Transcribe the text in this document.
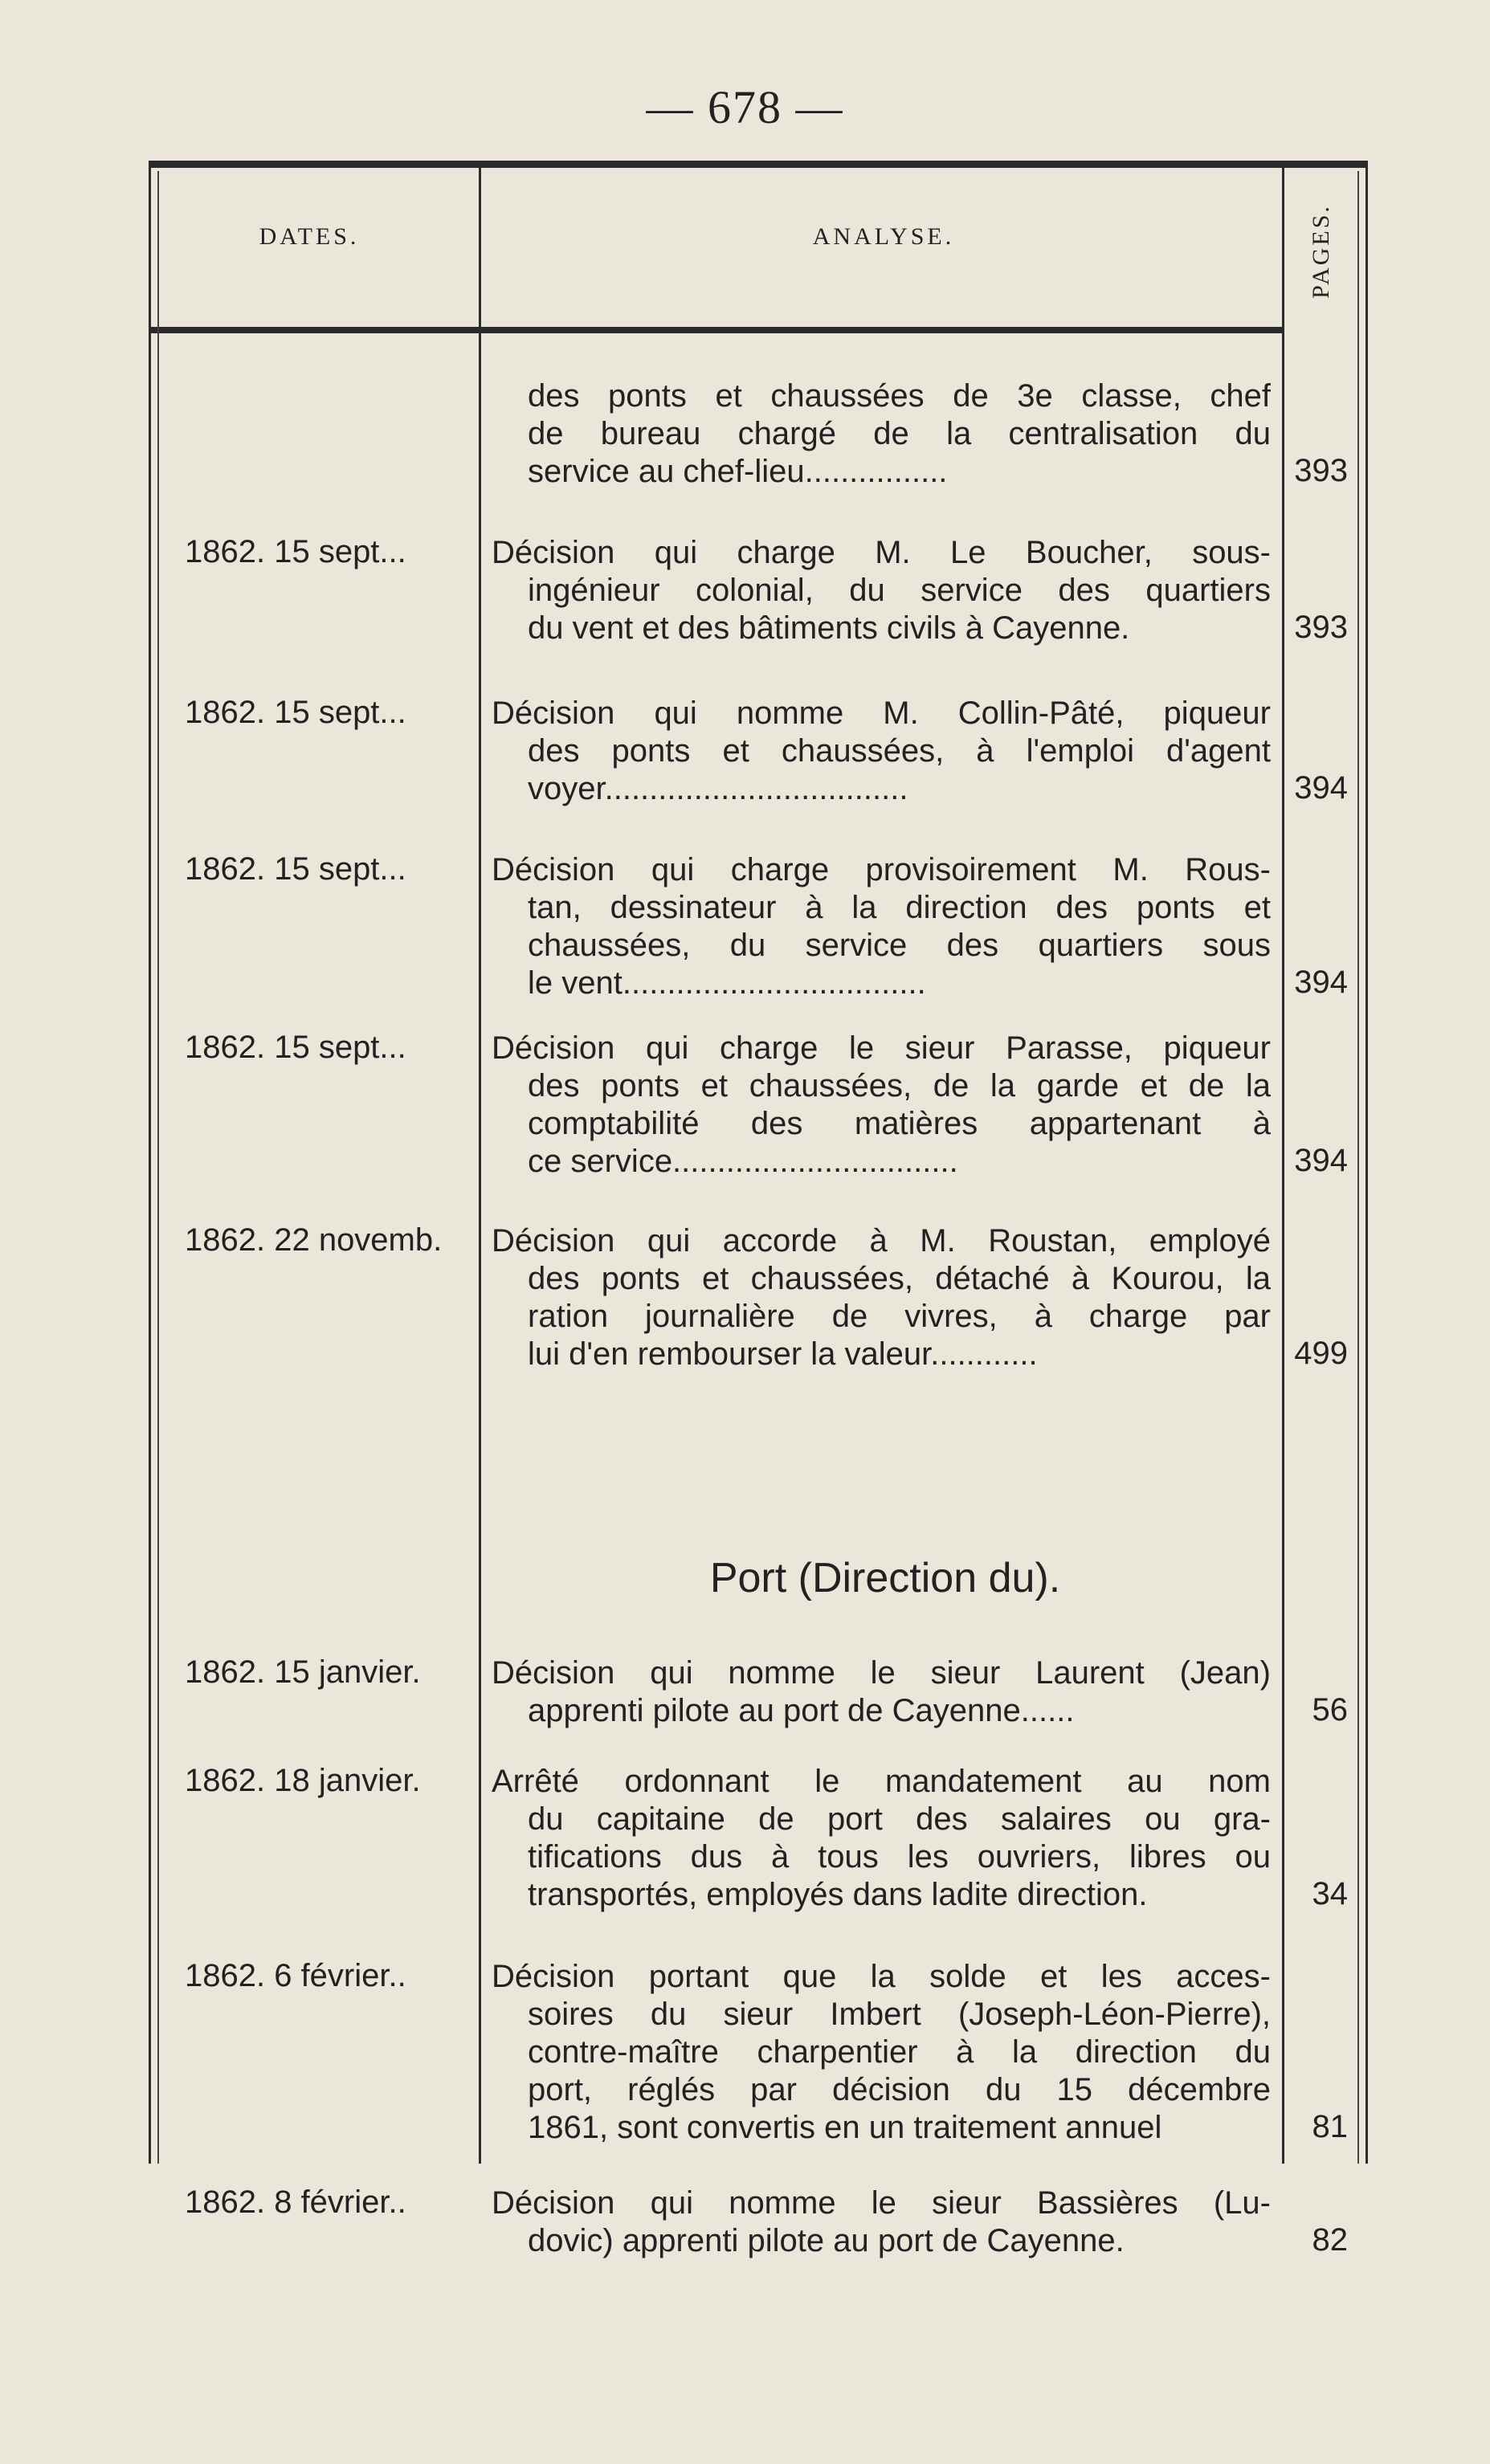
— 678 —
DATES.	ANALYSE.	PAGES.
des ponts et chaussées de 3e classe, chef
de bureau chargé de la centralisation du
service au chef-lieu................	393
1862. 15 sept...	Décision qui charge M. Le Boucher, sous-
ingénieur colonial, du service des quartiers
du vent et des bâtiments civils à Cayenne.	393
1862. 15 sept...	Décision qui nomme M. Collin-Pâté, piqueur
des ponts et chaussées, à l'emploi d'agent
voyer..................................	394
1862. 15 sept...	Décision qui charge provisoirement M. Rous-
tan, dessinateur à la direction des ponts et
chaussées, du service des quartiers sous
le vent..................................	394
1862. 15 sept...	Décision qui charge le sieur Parasse, piqueur
des ponts et chaussées, de la garde et de la
comptabilité des matières appartenant à
ce service................................	394
1862. 22 novemb.	Décision qui accorde à M. Roustan, employé
des ponts et chaussées, détaché à Kourou, la
ration journalière de vivres, à charge par
lui d'en rembourser la valeur............	499
Port (Direction du).
1862. 15 janvier.	Décision qui nomme le sieur Laurent (Jean)
apprenti pilote au port de Cayenne......	56
1862. 18 janvier.	Arrêté ordonnant le mandatement au nom
du capitaine de port des salaires ou gra-
tifications dus à tous les ouvriers, libres ou
transportés, employés dans ladite direction.	34
1862. 6 février..	Décision portant que la solde et les acces-
soires du sieur Imbert (Joseph-Léon-Pierre),
contre-maître charpentier à la direction du
port, réglés par décision du 15 décembre
1861, sont convertis en un traitement annuel	81
1862. 8 février..	Décision qui nomme le sieur Bassières (Lu-
dovic) apprenti pilote au port de Cayenne.	82
